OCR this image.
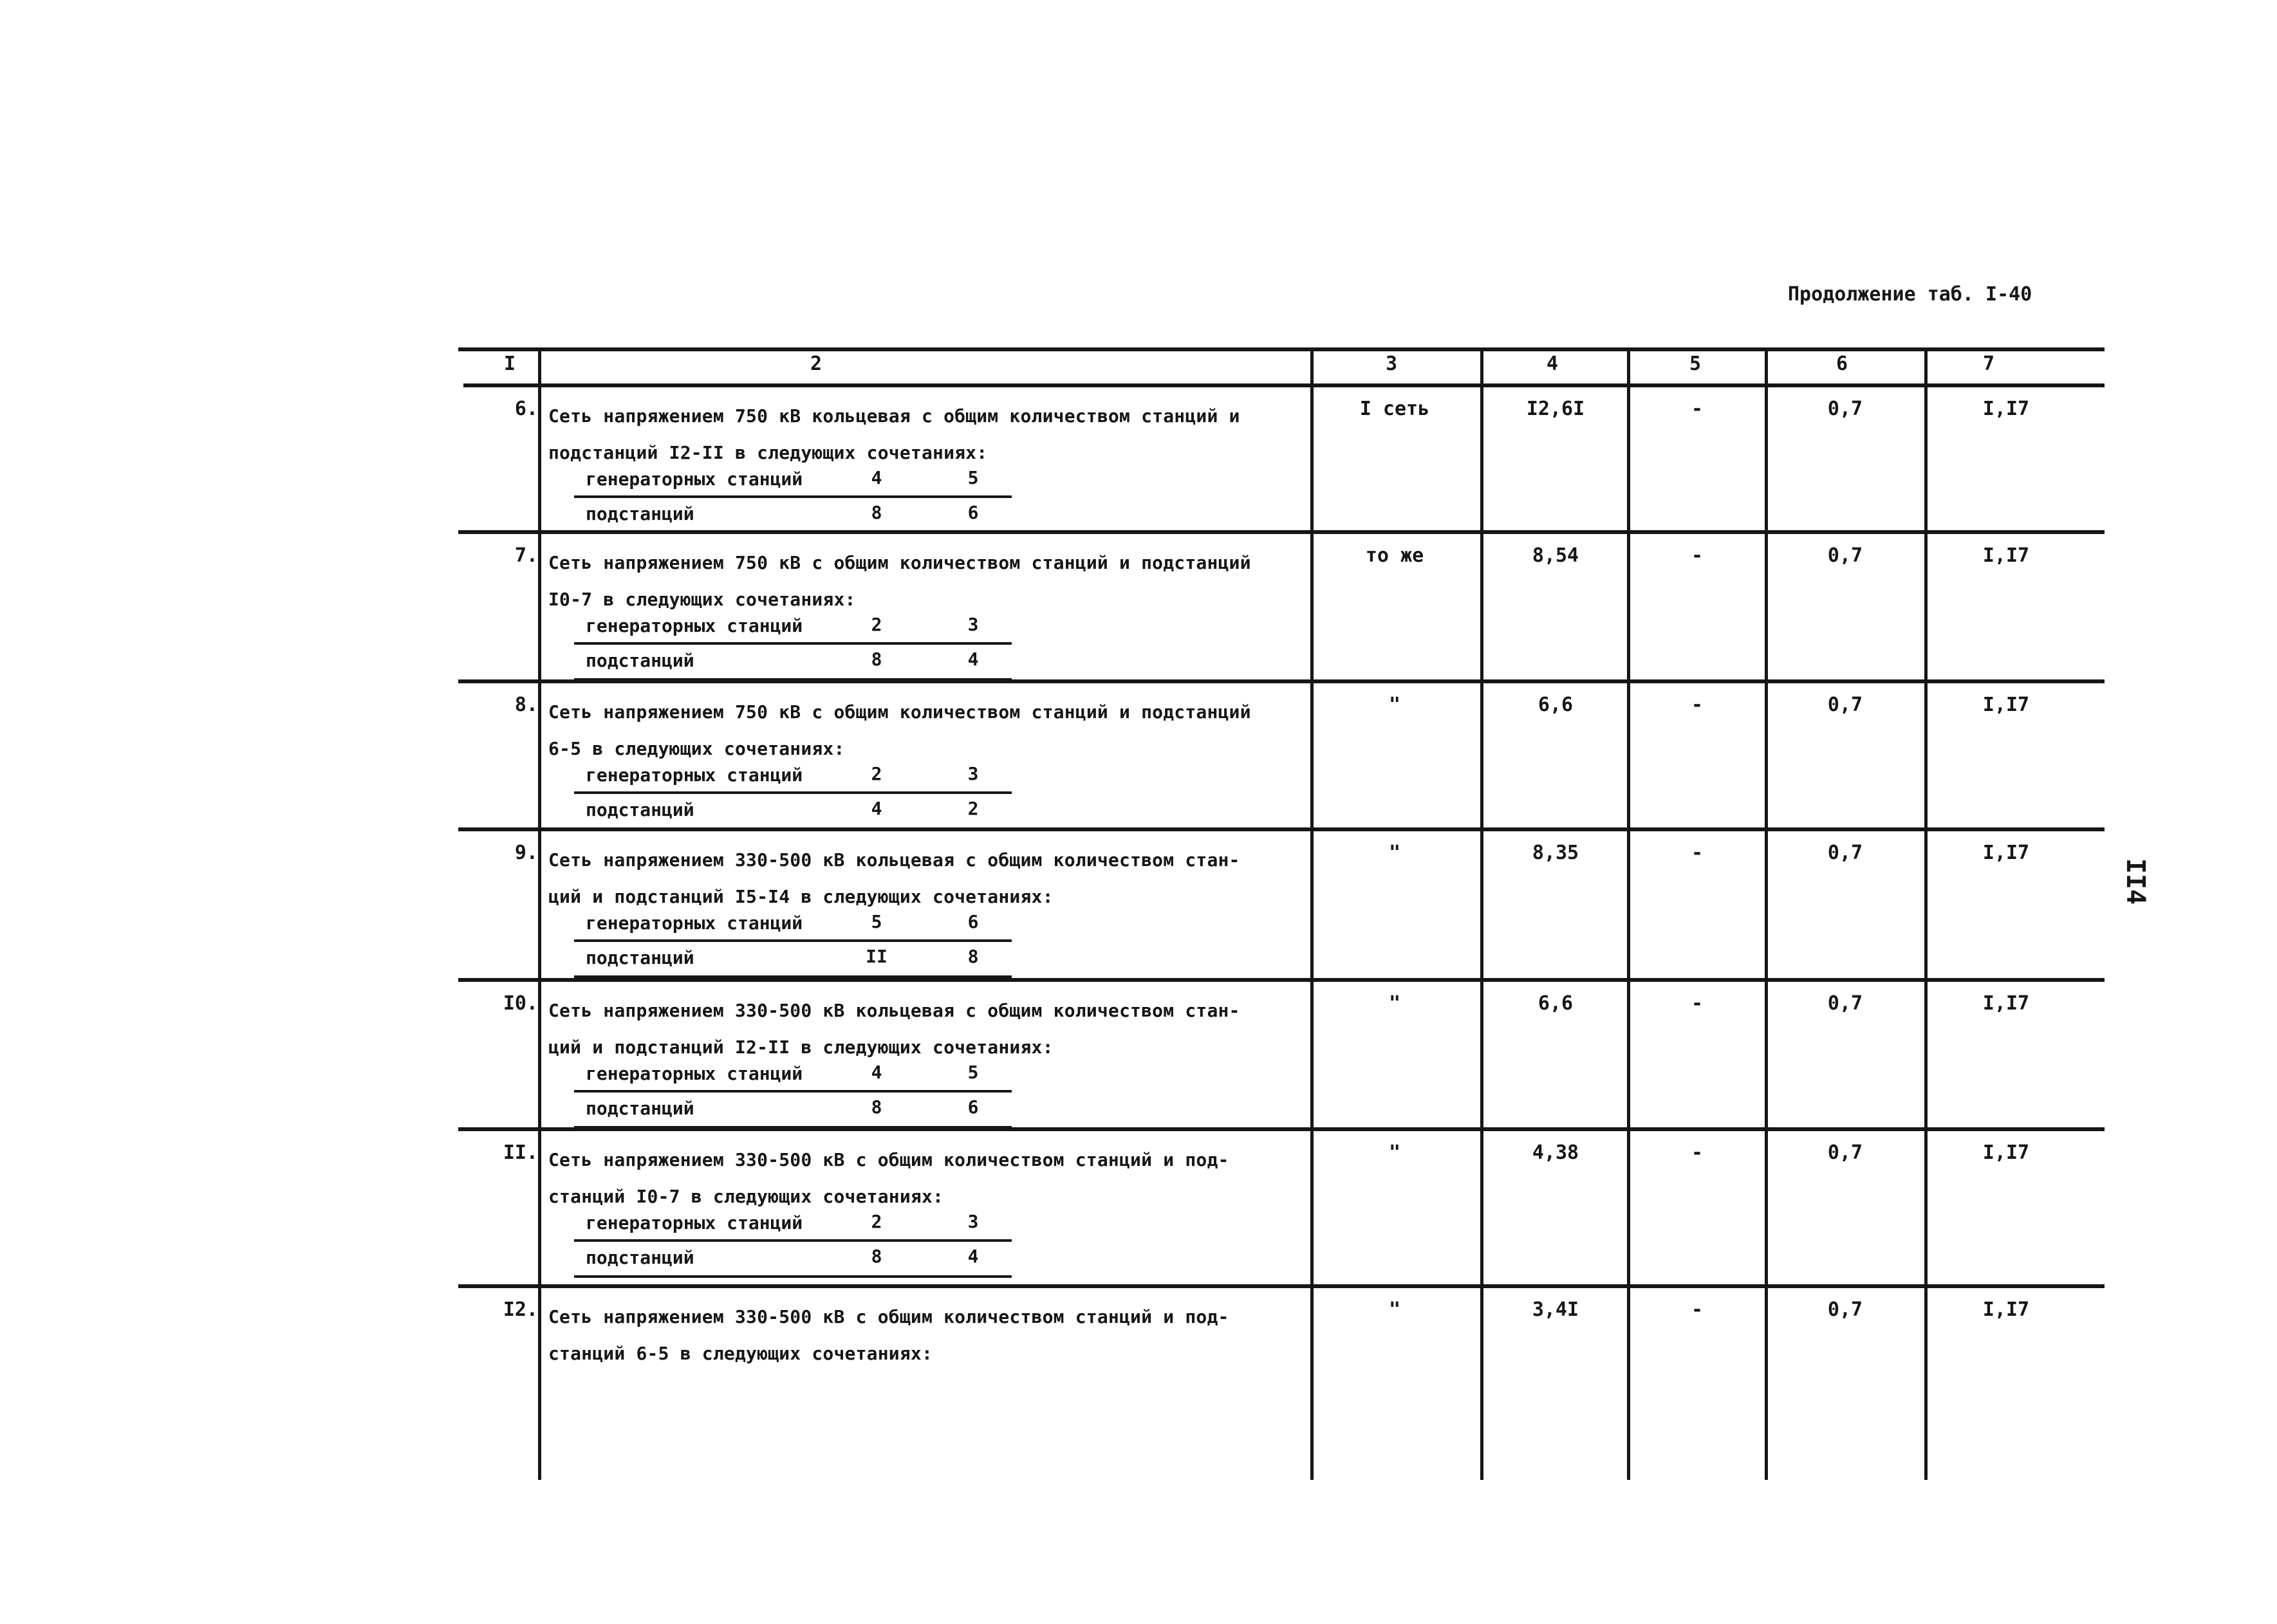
Продолжение таб. I-40
II4
I	2	3	4	5	6	7
6. Сеть напряжением 750 кВ кольцевая с общим количеством станций и

подстанций I2-II в следующих сочетаниях:

генераторных станций	4	5
подстанций	8	6
I сеть	I2,6I	-	0,7	I,I7
7. Сеть напряжением 750 кВ с общим количеством станций и подстанций

I0-7 в следующих сочетаниях:

генераторных станций	2	3
подстанций	8	4
то же	8,54	-	0,7	I,I7
8. Сеть напряжением 750 кВ с общим количеством станций и подстанций

6-5 в следующих сочетаниях:

генераторных станций	2	3
подстанций	4	2
"	6,6	-	0,7	I,I7
9. Сеть напряжением 330-500 кВ кольцевая с общим количеством стан-

ций и подстанций I5-I4 в следующих сочетаниях:

генераторных станций	5	6
подстанций	II	8
"	8,35	-	0,7	I,I7
I0. Сеть напряжением 330-500 кВ кольцевая с общим количеством стан-

ций и подстанций I2-II в следующих сочетаниях:

генераторных станций	4	5
подстанций	8	6
"	6,6	-	0,7	I,I7
II. Сеть напряжением 330-500 кВ с общим количеством станций и под-

станций I0-7 в следующих сочетаниях:

генераторных станций	2	3
подстанций	8	4
"	4,38	-	0,7	I,I7
I2. Сеть напряжением 330-500 кВ с общим количеством станций и под-

станций 6-5 в следующих сочетаниях:

"	3,4I	-	0,7	I,I7
